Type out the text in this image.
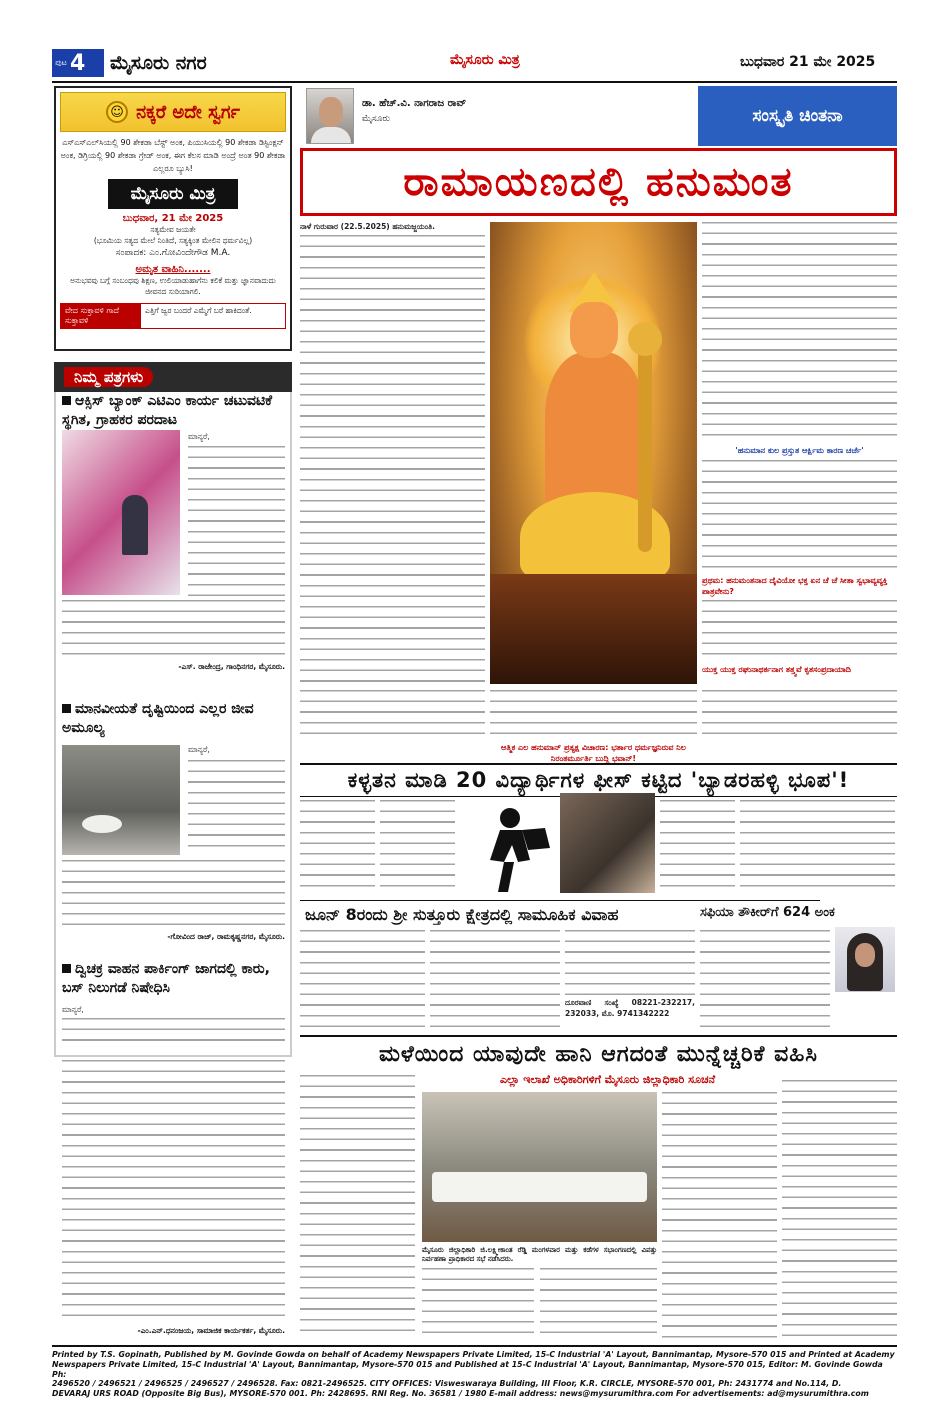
ಪುಟ 4 ಮೈಸೂರು ನಗರ	ಮೈಸೂರು ಮಿತ್ರ	ಬುಧವಾರ 21 ಮೇ 2025
☺ ನಕ್ಕರೆ ಅದೇ ಸ್ವರ್ಗ
ಎಸ್‌ಎಸ್‌ಎಲ್‌ಸಿಯಲ್ಲಿ 90 ಶೇಕಡಾ ಬೆಸ್ಟ್ ಅಂಕ, ಪಿಯುಸಿಯಲ್ಲಿ 90 ಶೇಕಡಾ ಡಿಸ್ಟಿಂಕ್ಷನ್ ಅಂಕ, ಡಿಗ್ರಿಯಲ್ಲಿ 90 ಶೇಕಡಾ ಗ್ರೇಡ್ ಅಂಕ, ಈಗ ಕೆಲಸ ಮಾಡಿ ಅಂದ್ರೆ ಅಂತ 90 ಶೇಕಡಾ ಎಲ್ಲರೂ ಬ್ಯುಸಿ!
ಮೈಸೂರು ಮಿತ್ರ
ಬುಧವಾರ, 21 ಮೇ 2025
ಸತ್ಯಮೇವ ಜಯತೇ
(ಭೂಮಿಯ ಸತ್ಯದ ಮೇಲೆ ನಿಂತಿದೆ, ಸತ್ಯಕ್ಕಿಂತ ಮೇಲಿನ ಧರ್ಮವಿಲ್ಲ)
ಸಂಪಾದಕ: ಎಂ.ಗೋವಿಂದೇಗೌಡ M.A.
ಅಮೃತ ವಾಹಿನಿ.......
ಅನುಭವವು ಬಗ್ಗೆ ಸಂಬಂಧವು ಶಿಕ್ಷಣ, ಉಲಿಯಾಡುಹಾಗೆನು ಕಲಿಕೆ ಮತ್ತು ಜ್ಞಾನವಾದುದು ಜೀವನದ ಸುರಿಯಾಗಲಿ.
ವೇದ ಸುಕ್ತಾವಳಿ ಗಾದೆ ಸುಕ್ತಾವಳಿ
ಎತ್ತಿಗೆ ಜ್ವರ ಬಂದರೆ ಎಮ್ಮೆಗೆ ಬರೆ ಹಾಕಿದಂತೆ.
ನಿಮ್ಮ ಪತ್ರಗಳು
ಆಕ್ಸಿಸ್ ಬ್ಯಾಂಕ್ ಎಟಿಎಂ ಕಾರ್ಯ ಚಟುವಟಿಕೆ ಸ್ಥಗಿತ, ಗ್ರಾಹಕರ ಪರದಾಟ
ಮಾನ್ಯರೆ,
-ಎಸ್. ರಾಜೇಂದ್ರ, ಗಾಂಧಿನಗರ, ಮೈಸೂರು.
ಮಾನವೀಯತೆ ದೃಷ್ಟಿಯಿಂದ ಎಲ್ಲರ ಜೀವ ಅಮೂಲ್ಯ
ಮಾನ್ಯರೆ,
-ಗೋವಿಂದ ರಾಜ್, ರಾಮಕೃಷ್ಣನಗರ, ಮೈಸೂರು.
ದ್ವಿಚಕ್ರ ವಾಹನ ಪಾರ್ಕಿಂಗ್ ಜಾಗದಲ್ಲಿ ಕಾರು, ಬಸ್ ನಿಲುಗಡೆ ನಿಷೇಧಿಸಿ
ಮಾನ್ಯರೆ,
-ಎಂ.ಎನ್.ಧನಂಜಯ, ಸಾಮಾಜಿಕ ಕಾರ್ಯಕರ್ತ, ಮೈಸೂರು.
ಡಾ. ಹೆಚ್.ವಿ. ನಾಗರಾಜ ರಾವ್
ಮೈಸೂರು	ಸಂಸ್ಕೃತಿ ಚಿಂತನಾ
ರಾಮಾಯಣದಲ್ಲಿ ಹನುಮಂತ
ನಾಳೆ ಗುರುವಾರ (22.5.2025) ಹನುಮಜ್ಜಯಂತಿ.
'ಹನುಮಾನ ಕುಲ ಪ್ರಸ್ತುತ ಆರ್ಕ್ಷಿಮ ಕಾರಣ ಚರ್ಚೆ'
ಪ್ರಥಮ: ಹನುಮಂತನಾದ ದೈವಿಯೋ ಭಕ್ತ ಏನ ಚೆ ಚೆ ಸೀತಾ ಸ್ವಭಾವ್ಯವ್ಯಕ್ತಿ ಪಾತ್ರವೇನು?
ಯುಕ್ತ ಯುಕ್ತ ರಘುನಾಥರ್ಕನಾಗ ತತ್ತ್ವವೆ ಕೃತಸಂಪ್ರದಾಯಾದಿ
ಆತ್ಮಿಕ ಎಲ ಹನುಮಾನ್ ಪ್ರತ್ಯಕ್ಷ ವಿಚಾರಣ: ಭರ್ತಾರ ಧರ್ಮಜ್ಞನಿರುವ ನಿಲ ನಿರಂತರ್ಮೂರ್ತಿ ಬುದ್ಧಿ ಭವಾನ್!
ಕಳ್ಳತನ ಮಾಡಿ 20 ವಿದ್ಯಾರ್ಥಿಗಳ ಫೀಸ್ ಕಟ್ಟಿದ 'ಬ್ಯಾಡರಹಳ್ಳಿ ಭೂಪ'!
ಜೂನ್ 8ರಂದು ಶ್ರೀ ಸುತ್ತೂರು ಕ್ಷೇತ್ರದಲ್ಲಿ ಸಾಮೂಹಿಕ ವಿವಾಹ
ದೂರವಾಣಿ ಸಂಖ್ಯೆ 08221-232217, 232033, ಮೊ. 9741342222
ಸಫಿಯಾ ತೌಕೀರ್‌ಗೆ 624 ಅಂಕ
ಮಳೆಯಿಂದ ಯಾವುದೇ ಹಾನಿ ಆಗದಂತೆ ಮುನ್ನೆಚ್ಚರಿಕೆ ವಹಿಸಿ
ಎಲ್ಲಾ ಇಲಾಖೆ ಅಧಿಕಾರಿಗಳಿಗೆ ಮೈಸೂರು ಜಿಲ್ಲಾಧಿಕಾರಿ ಸೂಚನೆ
ಮೈಸೂರು ಜಿಲ್ಲಾಧಿಕಾರಿ ಜಿ.ಲಕ್ಷ್ಮೀಕಾಂತ ರೆಡ್ಡಿ ಮಂಗಳವಾರ ಮತ್ತು ಕಡೆಗಳ ಸಭಾಂಗಣದಲ್ಲಿ ವಿಪತ್ತು ನಿರ್ವಹಣಾ ಪ್ರಾಧಿಕಾರದ ಸಭೆ ನಡೆಸಿದರು.
Printed by T.S. Gopinath, Published by M. Govinde Gowda on behalf of Academy Newspapers Private Limited, 15-C Industrial 'A' Layout, Bannimantap, Mysore-570 015 and Printed at Academy
Newspapers Private Limited, 15-C Industrial 'A' Layout, Bannimantap, Mysore-570 015 and Published at 15-C Industrial 'A' Layout, Bannimantap, Mysore-570 015, Editor: M. Govinde Gowda Ph:
2496520 / 2496521 / 2496525 / 2496527 / 2496528. Fax: 0821-2496525. CITY OFFICES: Visweswaraya Building, III Floor, K.R. CIRCLE, MYSORE-570 001, Ph: 2431774 and No.114, D.
DEVARAJ URS ROAD (Opposite Big Bus), MYSORE-570 001. Ph: 2428695. RNI Reg. No. 36581 / 1980 E-mail address: news@mysurumithra.com For advertisements: ad@mysurumithra.com
